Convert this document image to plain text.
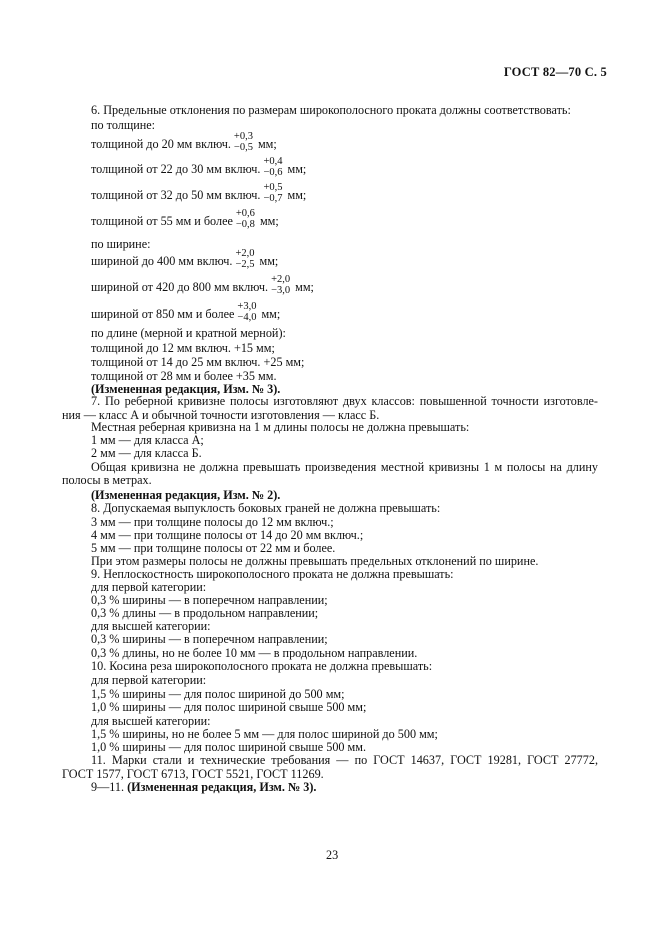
ГОСТ 82—70 С. 5
6. Предельные отклонения по размерам широкополосного проката должны соответствовать:
по толщине:
толщиной до 20 мм включ. +0,3
−0,5 мм;
толщиной от 22 до 30 мм включ. +0,4
−0,6 мм;
толщиной от 32 до 50 мм включ. +0,5
−0,7 мм;
толщиной от 55 мм и более +0,6
−0,8 мм;
по ширине:
шириной до 400 мм включ. +2,0
−2,5 мм;
шириной от 420 до 800 мм включ. +2,0
−3,0 мм;
шириной от 850 мм и более +3,0
−4,0 мм;
по длине (мерной и кратной мерной):
толщиной до 12 мм включ. +15 мм;
толщиной от 14 до 25 мм включ. +25 мм;
толщиной от 28 мм и более +35 мм.
(Измененная редакция, Изм. № 3).
7. По реберной кривизне полосы изготовляют двух классов: повышенной точности изготовле-
ния — класс А и обычной точности изготовления — класс Б.
Местная реберная кривизна на 1 м длины полосы не должна превышать:
1 мм — для класса А;
2 мм — для класса Б.
Общая кривизна не должна превышать произведения местной кривизны 1 м полосы на длину
полосы в метрах.
(Измененная редакция, Изм. № 2).
8. Допускаемая выпуклость боковых граней не должна превышать:
3 мм — при толщине полосы до 12 мм включ.;
4 мм — при толщине полосы от 14 до 20 мм включ.;
5 мм — при толщине полосы от 22 мм и более.
При этом размеры полосы не должны превышать предельных отклонений по ширине.
9. Неплоскостность широкополосного проката не должна превышать:
для первой категории:
0,3 % ширины — в поперечном направлении;
0,3 % длины — в продольном направлении;
для высшей категории:
0,3 % ширины — в поперечном направлении;
0,3 % длины, но не более 10 мм — в продольном направлении.
10. Косина реза широкополосного проката не должна превышать:
для первой категории:
1,5 % ширины — для полос шириной до 500 мм;
1,0 % ширины — для полос шириной свыше 500 мм;
для высшей категории:
1,5 % ширины, но не более 5 мм — для полос шириной до 500 мм;
1,0 % ширины — для полос шириной свыше 500 мм.
11. Марки стали и технические требования — по ГОСТ 14637, ГОСТ 19281, ГОСТ 27772,
ГОСТ 1577, ГОСТ 6713, ГОСТ 5521, ГОСТ 11269.
9—11. (Измененная редакция, Изм. № 3).
23
